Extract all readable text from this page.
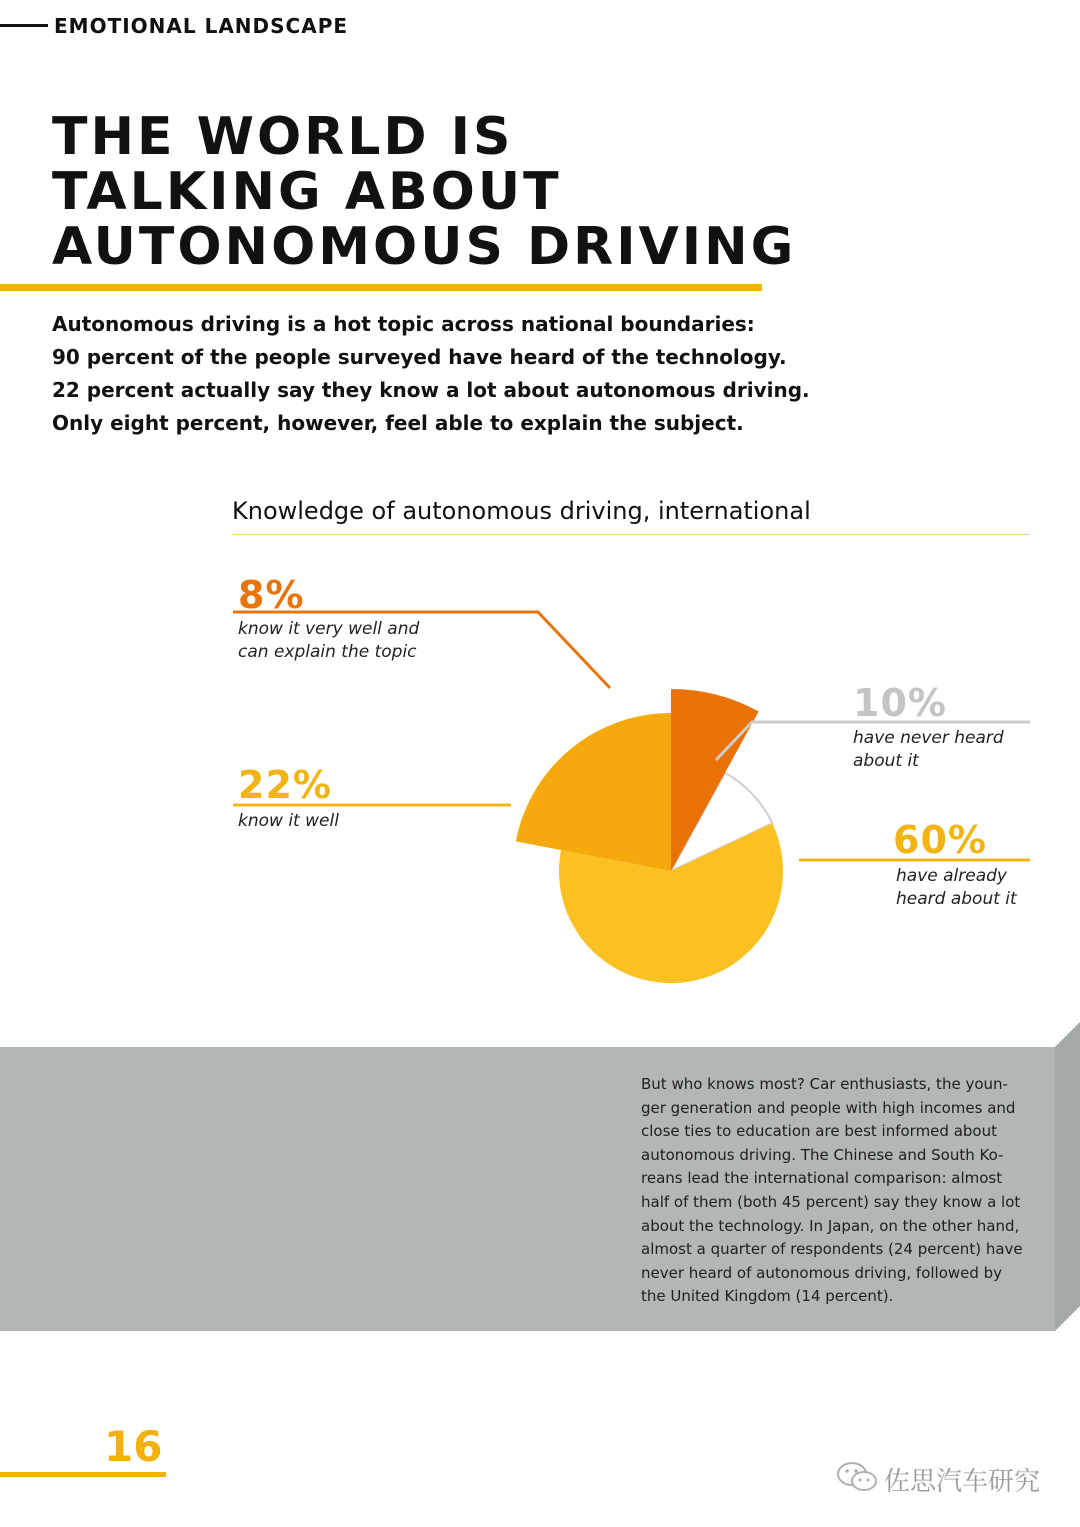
EMOTIONAL LANDSCAPE
THE WORLD IS
TALKING ABOUT
AUTONOMOUS DRIVING
Autonomous driving is a hot topic across national boundaries:
90 percent of the people surveyed have heard of the technology.
22 percent actually say they know a lot about autonomous driving.
Only eight percent, however, feel able to explain the subject.
Knowledge of autonomous driving, international
8%
know it very well and
can explain the topic
10%
have never heard
about it
22%
know it well	60%
have already
heard about it
But who knows most? Car enthusiasts, the youn-
ger generation and people with high incomes and
close ties to education are best informed about
autonomous driving. The Chinese and South Ko-
reans lead the international comparison: almost
half of them (both 45 percent) say they know a lot
about the technology. In Japan, on the other hand,
almost a quarter of respondents (24 percent) have
never heard of autonomous driving, followed by
the United Kingdom (14 percent).
16
佐思汽车研究
